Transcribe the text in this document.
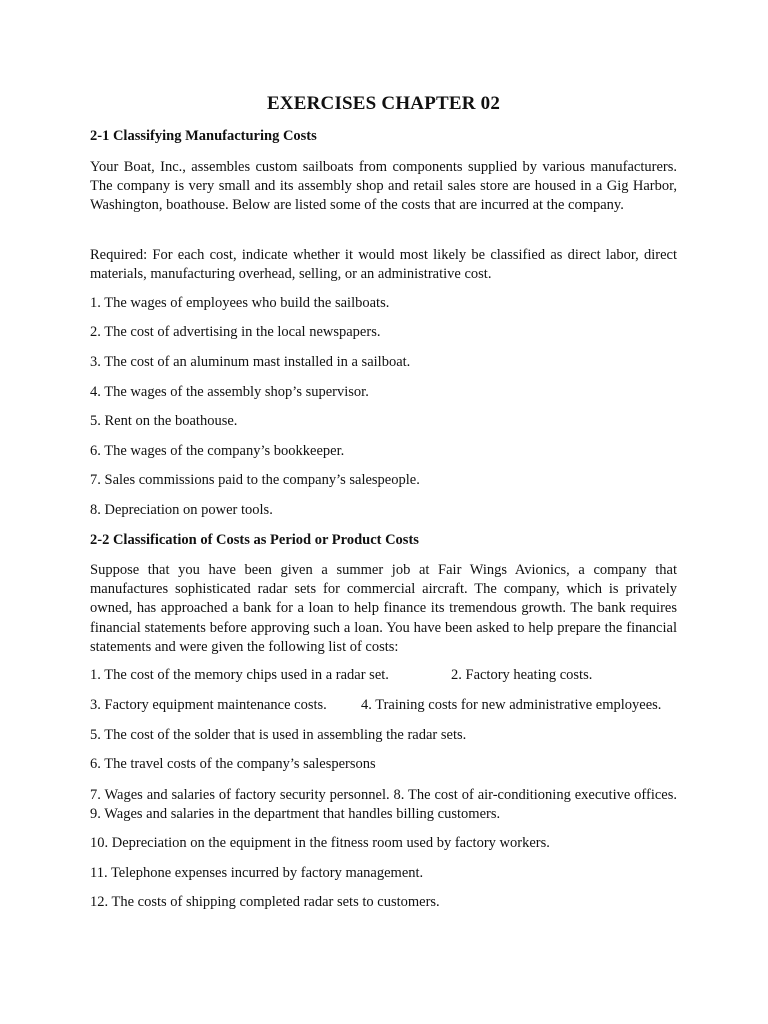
EXERCISES CHAPTER 02
2-1 Classifying Manufacturing Costs

Your Boat, Inc., assembles custom sailboats from components supplied by various manufacturers. The company is very small and its assembly shop and retail sales store are housed in a Gig Harbor, Washington, boathouse. Below are listed some of the costs that are incurred at the company.

Required: For each cost, indicate whether it would most likely be classified as direct labor, direct materials, manufacturing overhead, selling, or an administrative cost.

1. The wages of employees who build the sailboats.

2. The cost of advertising in the local newspapers.

3. The cost of an aluminum mast installed in a sailboat.

4. The wages of the assembly shop’s supervisor.

5. Rent on the boathouse.

6. The wages of the company’s bookkeeper.

7. Sales commissions paid to the company’s salespeople.

8. Depreciation on power tools.

2-2 Classification of Costs as Period or Product Costs

Suppose that you have been given a summer job at Fair Wings Avionics, a company that manufactures sophisticated radar sets for commercial aircraft. The company, which is privately owned, has approached a bank for a loan to help finance its tremendous growth. The bank requires financial statements before approving such a loan. You have been asked to help prepare the financial statements and were given the following list of costs:

1. The cost of the memory chips used in a radar set.	2. Factory heating costs.

3. Factory equipment maintenance costs. 4. Training costs for new administrative employees.

5. The cost of the solder that is used in assembling the radar sets.

6. The travel costs of the company’s salespersons

7. Wages and salaries of factory security personnel. 8. The cost of air-conditioning executive offices. 9. Wages and salaries in the department that handles billing customers.

10. Depreciation on the equipment in the fitness room used by factory workers.

11. Telephone expenses incurred by factory management.

12. The costs of shipping completed radar sets to customers.
